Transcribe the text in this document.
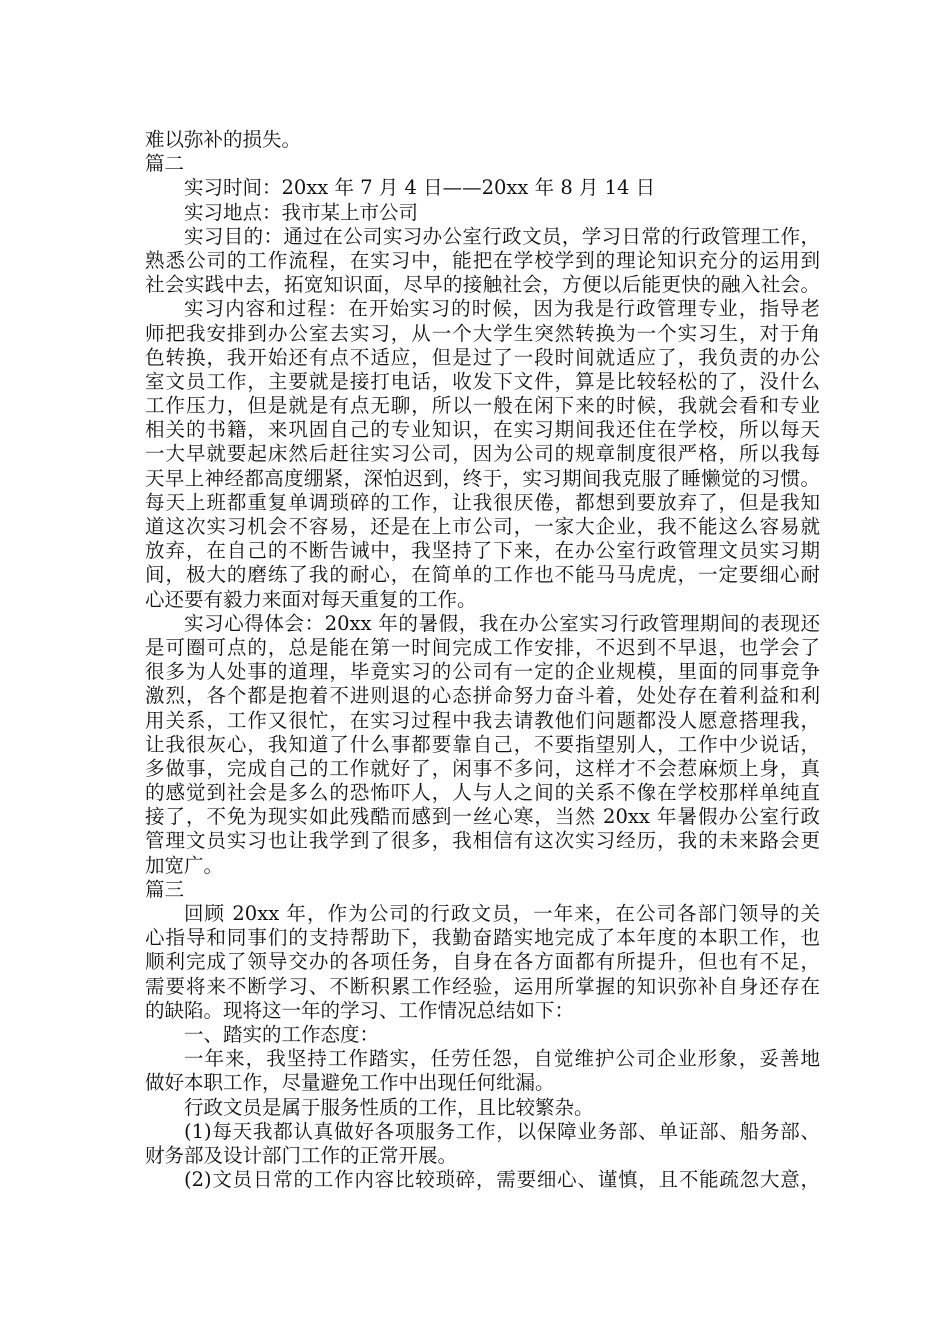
难以弥补的损失。
篇二
实习时间：20xx 年 7 月 4 日——20xx 年 8 月 14 日
实习地点：我市某上市公司
实习目的：通过在公司实习办公室行政文员，学习日常的行政管理工作，
熟悉公司的工作流程，在实习中，能把在学校学到的理论知识充分的运用到
社会实践中去，拓宽知识面，尽早的接触社会，方便以后能更快的融入社会。
实习内容和过程：在开始实习的时候，因为我是行政管理专业，指导老
师把我安排到办公室去实习，从一个大学生突然转换为一个实习生，对于角
色转换，我开始还有点不适应，但是过了一段时间就适应了，我负责的办公
室文员工作，主要就是接打电话，收发下文件，算是比较轻松的了，没什么
工作压力，但是就是有点无聊，所以一般在闲下来的时候，我就会看和专业
相关的书籍，来巩固自己的专业知识，在实习期间我还住在学校，所以每天
一大早就要起床然后赶往实习公司，因为公司的规章制度很严格，所以我每
天早上神经都高度绷紧，深怕迟到，终于，实习期间我克服了睡懒觉的习惯。
每天上班都重复单调琐碎的工作，让我很厌倦，都想到要放弃了，但是我知
道这次实习机会不容易，还是在上市公司，一家大企业，我不能这么容易就
放弃，在自己的不断告诫中，我坚持了下来，在办公室行政管理文员实习期
间，极大的磨练了我的耐心，在简单的工作也不能马马虎虎，一定要细心耐
心还要有毅力来面对每天重复的工作。
实习心得体会：20xx 年的暑假，我在办公室实习行政管理期间的表现还
是可圈可点的，总是能在第一时间完成工作安排，不迟到不早退，也学会了
很多为人处事的道理，毕竟实习的公司有一定的企业规模，里面的同事竞争
激烈，各个都是抱着不进则退的心态拼命努力奋斗着，处处存在着利益和利
用关系，工作又很忙，在实习过程中我去请教他们问题都没人愿意搭理我，
让我很灰心，我知道了什么事都要靠自己，不要指望别人，工作中少说话，
多做事，完成自己的工作就好了，闲事不多问，这样才不会惹麻烦上身，真
的感觉到社会是多么的恐怖吓人，人与人之间的关系不像在学校那样单纯直
接了，不免为现实如此残酷而感到一丝心寒，当然 20xx 年暑假办公室行政
管理文员实习也让我学到了很多，我相信有这次实习经历，我的未来路会更
加宽广。
篇三
回顾 20xx 年，作为公司的行政文员，一年来，在公司各部门领导的关
心指导和同事们的支持帮助下，我勤奋踏实地完成了本年度的本职工作，也
顺利完成了领导交办的各项任务，自身在各方面都有所提升，但也有不足，
需要将来不断学习、不断积累工作经验，运用所掌握的知识弥补自身还存在
的缺陷。现将这一年的学习、工作情况总结如下：
一、踏实的工作态度：
一年来，我坚持工作踏实，任劳任怨，自觉维护公司企业形象，妥善地
做好本职工作，尽量避免工作中出现任何纰漏。
行政文员是属于服务性质的工作，且比较繁杂。
(1)每天我都认真做好各项服务工作，以保障业务部、单证部、船务部、
财务部及设计部门工作的正常开展。
(2)文员日常的工作内容比较琐碎，需要细心、谨慎，且不能疏忽大意，
